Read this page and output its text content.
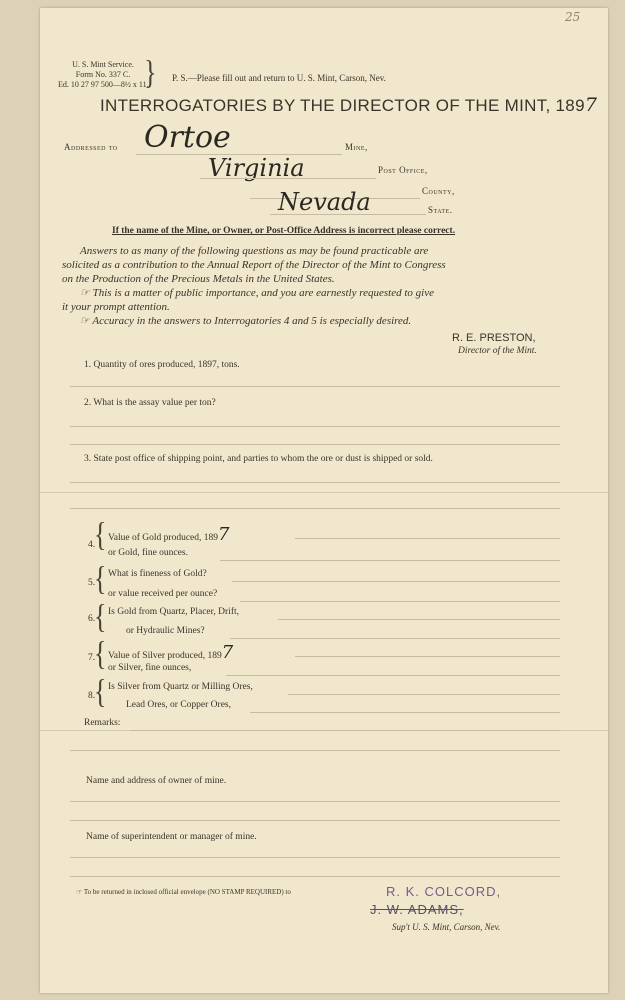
U. S. Mint Service.
Form No. 337 C.
Ed. 10 27 97 500—8½ x 11.
} P. S.—Please fill out and return to U. S. Mint, Carson, Nev.
25
INTERROGATORIES BY THE DIRECTOR OF THE MINT, 1897
Addressed to Ortoe	Mine,
Virginia	Post Office,
County,
Nevada	State.
If the name of the Mine, or Owner, or Post-Office Address is incorrect please correct.
Answers to as many of the following questions as may be found practicable are
solicited as a contribution to the Annual Report of the Director of the Mint to Congress
on the Production of the Precious Metals in the United States.
☞ This is a matter of public importance, and you are earnestly requested to give
it your prompt attention.
☞ Accuracy in the answers to Interrogatories 4 and 5 is especially desired.
R. E. PRESTON,
Director of the Mint.
1. Quantity of ores produced, 1897, tons.
2. What is the assay value per ton?
3. State post office of shipping point, and parties to whom the ore or dust is shipped or sold.
4.
{ Value of Gold produced, 1897
or Gold, fine ounces.
5.
{ What is fineness of Gold?
or value received per ounce?
6.
{ Is Gold from Quartz, Placer, Drift,
or Hydraulic Mines?
7.
{ Value of Silver produced, 1897
or Silver, fine ounces,
8.
{ Is Silver from Quartz or Milling Ores,
Lead Ores, or Copper Ores,
Remarks:
Name and address of owner of mine.
Name of superintendent or manager of mine.
☞ To be returned in inclosed official envelope (NO STAMP REQUIRED) to	R. K. COLCORD,
J. W. ADAMS,
Sup't U. S. Mint, Carson, Nev.
